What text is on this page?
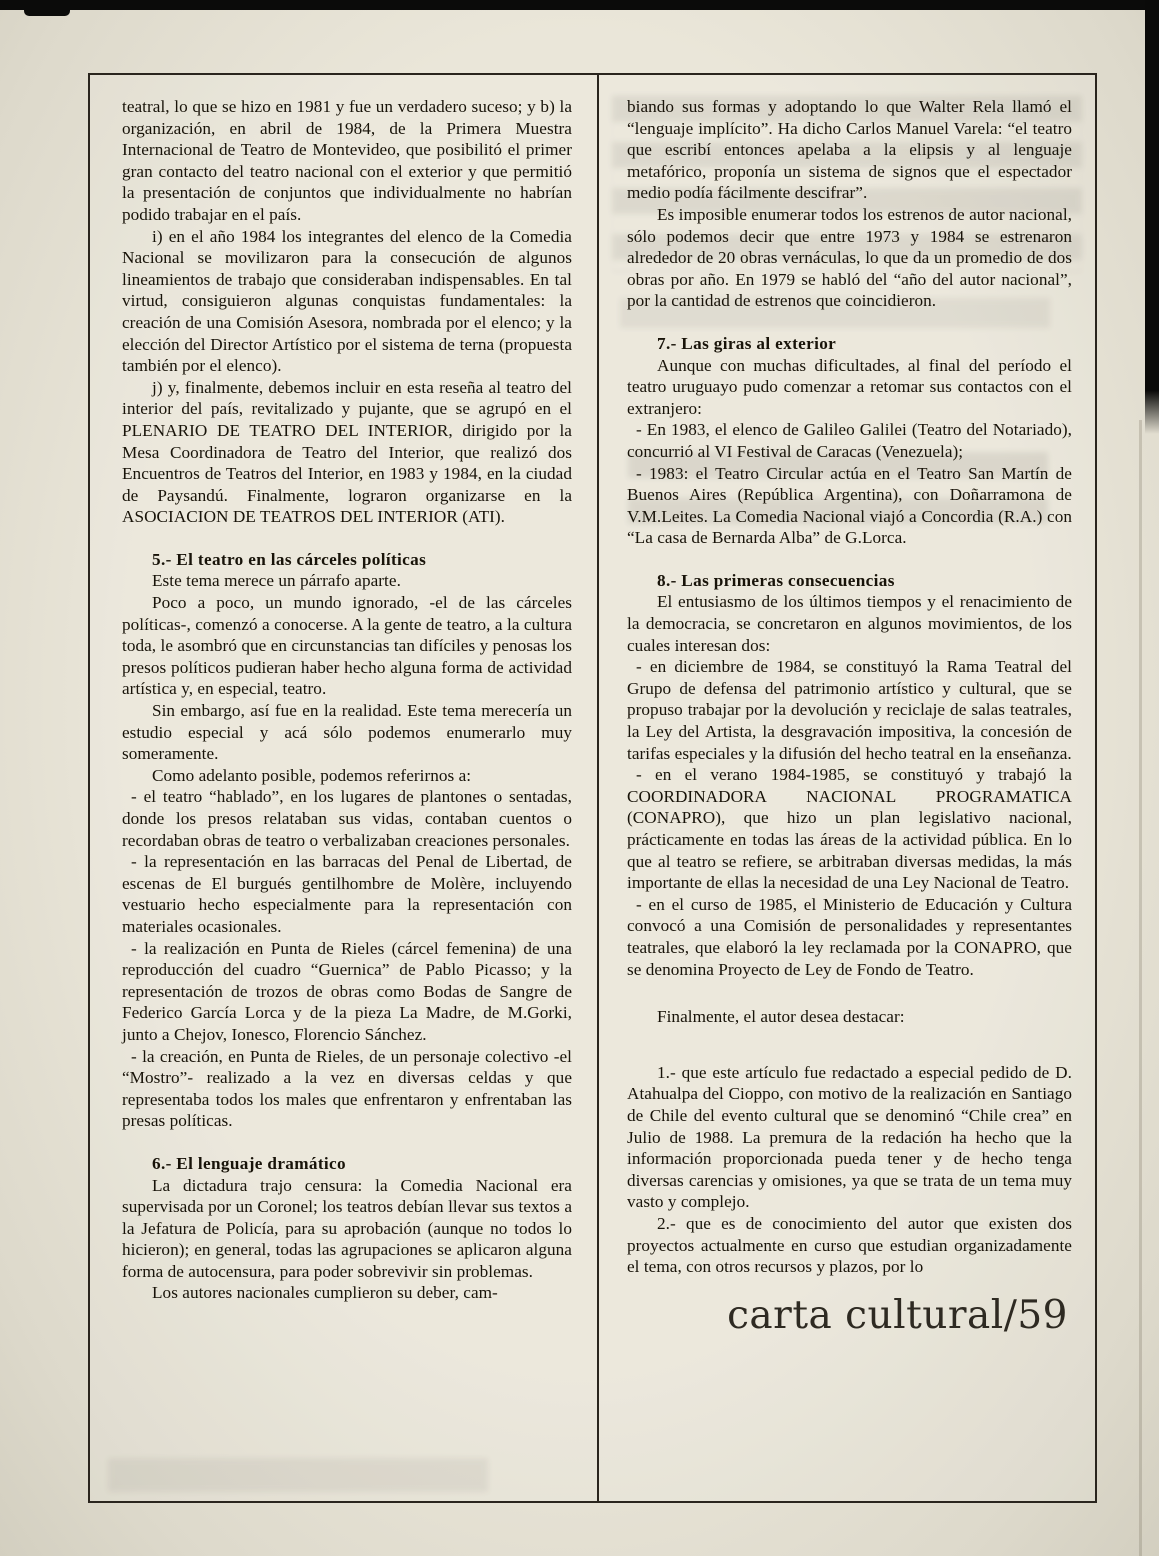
teatral, lo que se hizo en 1981 y fue un verdadero suceso; y b) la organización, en abril de 1984, de la Primera Muestra Internacional de Teatro de Montevideo, que posibilitó el primer gran contacto del teatro nacional con el exterior y que permitió la presentación de conjuntos que individualmente no habrían podido trabajar en el país.

i) en el año 1984 los integrantes del elenco de la Comedia Nacional se movilizaron para la consecución de algunos lineamientos de trabajo que consideraban indispensables. En tal virtud, consiguieron algunas conquistas fundamentales: la creación de una Comisión Asesora, nombrada por el elenco; y la elección del Director Artístico por el sistema de terna (propuesta también por el elenco).

j) y, finalmente, debemos incluir en esta reseña al teatro del interior del país, revitalizado y pujante, que se agrupó en el PLENARIO DE TEATRO DEL INTERIOR, dirigido por la Mesa Coordinadora de Teatro del Interior, que realizó dos Encuentros de Teatros del Interior, en 1983 y 1984, en la ciudad de Paysandú. Finalmente, lograron organizarse en la ASOCIACION DE TEATROS DEL INTERIOR (ATI).

5.- El teatro en las cárceles políticas

Este tema merece un párrafo aparte.

Poco a poco, un mundo ignorado, -el de las cárceles políticas-, comenzó a conocerse. A la gente de teatro, a la cultura toda, le asombró que en circunstancias tan difíciles y penosas los presos políticos pudieran haber hecho alguna forma de actividad artística y, en especial, teatro.

Sin embargo, así fue en la realidad. Este tema merecería un estudio especial y acá sólo podemos enumerarlo muy someramente.

Como adelanto posible, podemos referirnos a:

- el teatro “hablado”, en los lugares de plantones o sentadas, donde los presos relataban sus vidas, contaban cuentos o recordaban obras de teatro o verbalizaban creaciones personales.

- la representación en las barracas del Penal de Libertad, de escenas de El burgués gentilhombre de Molère, incluyendo vestuario hecho especialmente para la representación con materiales ocasionales.

- la realización en Punta de Rieles (cárcel femenina) de una reproducción del cuadro “Guernica” de Pablo Picasso; y la representación de trozos de obras como Bodas de Sangre de Federico García Lorca y de la pieza La Madre, de M.Gorki, junto a Chejov, Ionesco, Florencio Sánchez.

- la creación, en Punta de Rieles, de un personaje colectivo -el “Mostro”- realizado a la vez en diversas celdas y que representaba todos los males que enfrentaron y enfrentaban las presas políticas.

6.- El lenguaje dramático

La dictadura trajo censura: la Comedia Nacional era supervisada por un Coronel; los teatros debían llevar sus textos a la Jefatura de Policía, para su aprobación (aunque no todos lo hicieron); en general, todas las agrupaciones se aplicaron alguna forma de autocensura, para poder sobrevivir sin problemas.

Los autores nacionales cumplieron su deber, cam-

biando sus formas y adoptando lo que Walter Rela llamó el “lenguaje implícito”. Ha dicho Carlos Manuel Varela: “el teatro que escribí entonces apelaba a la elipsis y al lenguaje metafórico, proponía un sistema de signos que el espectador medio podía fácilmente descifrar”.

Es imposible enumerar todos los estrenos de autor nacional, sólo podemos decir que entre 1973 y 1984 se estrenaron alrededor de 20 obras vernáculas, lo que da un promedio de dos obras por año. En 1979 se habló del “año del autor nacional”, por la cantidad de estrenos que coincidieron.

7.- Las giras al exterior

Aunque con muchas dificultades, al final del período el teatro uruguayo pudo comenzar a retomar sus contactos con el extranjero:

- En 1983, el elenco de Galileo Galilei (Teatro del Notariado), concurrió al VI Festival de Caracas (Venezuela);

- 1983: el Teatro Circular actúa en el Teatro San Martín de Buenos Aires (República Argentina), con Doñarramona de V.M.Leites. La Comedia Nacional viajó a Concordia (R.A.) con “La casa de Bernarda Alba” de G.Lorca.

8.- Las primeras consecuencias

El entusiasmo de los últimos tiempos y el renacimiento de la democracia, se concretaron en algunos movimientos, de los cuales interesan dos:

- en diciembre de 1984, se constituyó la Rama Teatral del Grupo de defensa del patrimonio artístico y cultural, que se propuso trabajar por la devolución y reciclaje de salas teatrales, la Ley del Artista, la desgravación impositiva, la concesión de tarifas especiales y la difusión del hecho teatral en la enseñanza.

- en el verano 1984-1985, se constituyó y trabajó la COORDINADORA NACIONAL PROGRAMATICA (CONAPRO), que hizo un plan legislativo nacional, prácticamente en todas las áreas de la actividad pública. En lo que al teatro se refiere, se arbitraban diversas medidas, la más importante de ellas la necesidad de una Ley Nacional de Teatro.

- en el curso de 1985, el Ministerio de Educación y Cultura convocó a una Comisión de personalidades y representantes teatrales, que elaboró la ley reclamada por la CONAPRO, que se denomina Proyecto de Ley de Fondo de Teatro.

Finalmente, el autor desea destacar:

1.- que este artículo fue redactado a especial pedido de D. Atahualpa del Cioppo, con motivo de la realización en Santiago de Chile del evento cultural que se denominó “Chile crea” en Julio de 1988. La premura de la redación ha hecho que la información proporcionada pueda tener y de hecho tenga diversas carencias y omisiones, ya que se trata de un tema muy vasto y complejo.

2.- que es de conocimiento del autor que existen dos proyectos actualmente en curso que estudian organizadamente el tema, con otros recursos y plazos, por lo

carta cultural/59
